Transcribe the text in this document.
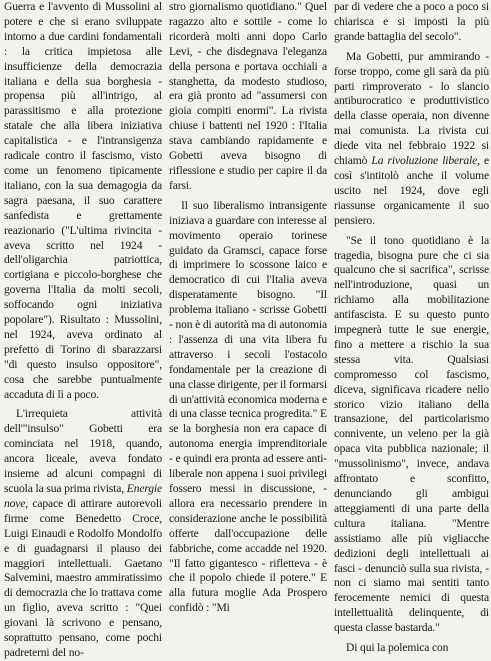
Guerra e l'avvento di Mussolini al potere e che si erano sviluppate intorno a due cardini fondamentali : la critica impietosa alle insufficienze della democrazia italiana e della sua borghesia - propensa più all'intrigo, al parassitismo e alla protezione statale che alla libera iniziativa capitalistica - e l'intransigenza radicale contro il fascismo, visto come un fenomeno tipicamente italiano, con la sua demagogia da sagra paesana, il suo carattere sanfedista e grettamente reazionario ("L'ultima rivincita - aveva scritto nel 1924 - dell'oligarchia patriottica, cortigiana e piccolo-borghese che governa l'Italia da molti secoli, soffocando ogni iniziativa popolare"). Risultato : Mussolini, nel 1924, aveva ordinato al prefetto di Torino di sbarazzarsi "di questo insulso oppositore", cosa che sarebbe puntualmente accaduta di lì a poco.

L'irrequieta attività dell'"insulso" Gobetti era cominciata nel 1918, quando, ancora liceale, aveva fondato insieme ad alcuni compagni di scuola la sua prima rivista, Energie nove, capace di attirare autorevoli firme come Benedetto Croce, Luigi Einaudi e Rodolfo Mondolfo e di guadagnarsi il plauso dei maggiori intellettuali. Gaetano Salvemini, maestro ammiratissimo di democrazia che lo trattava come un figlio, aveva scritto : "Quei giovani là scrivono e pensano, soprattutto pensano, come pochi padreterni del no-

stro giornalismo quotidiano." Quel ragazzo alto e sottile - come lo ricorderà molti anni dopo Carlo Levi, - che disdegnava l'eleganza della persona e portava occhiali a stanghetta, da modesto studioso, era già pronto ad "assumersi con gioia compiti enormi". La rivista chiuse i battenti nel 1920 : l'Italia stava cambiando rapidamente e Gobetti aveva bisogno di riflessione e studio per capire il da farsi.

Il suo liberalismo intransigente iniziava a guardare con interesse al movimento operaio torinese guidato da Gramsci, capace forse di imprimere lo scossone laico e democratico di cui l'Italia aveva disperatamente bisogno. "Il problema italiano - scrisse Gobetti - non è di autorità ma di autonomia : l'assenza di una vita libera fu attraverso i secoli l'ostacolo fondamentale per la creazione di una classe dirigente, per il formarsi di un'attività economica moderna e di una classe tecnica progredita." E se la borghesia non era capace di autonoma energia imprenditoriale - e quindi era pronta ad essere anti-liberale non appena i suoi privilegi fossero messi in discussione, - allora era necessario prendere in considerazione anche le possibilità offerte dall'occupazione delle fabbriche, come accadde nel 1920. "Il fatto gigantesco - rifletteva - è che il popolo chiede il potere." E alla futura moglie Ada Prospero confidò : "Mi

par di vedere che a poco a poco si chiarisca e si imposti la più grande battaglia del secolo".

Ma Gobetti, pur ammirando - forse troppo, come gli sarà da più parti rimproverato - lo slancio antiburocratico e produttivistico della classe operaia, non divenne mai comunista. La rivista cui diede vita nel febbraio 1922 si chiamò La rivoluzione liberale, e così s'intitolò anche il volume uscito nel 1924, dove egli riassunse organicamente il suo pensiero.

"Se il tono quotidiano è la tragedia, bisogna pure che ci sia qualcuno che si sacrifica", scrisse nell'introduzione, quasi un richiamo alla mobilitazione antifascista. E su questo punto impegnerà tutte le sue energie, fino a mettere a rischio la sua stessa vita. Qualsiasi compromesso col fascismo, diceva, significava ricadere nello storico vizio italiano della transazione, del particolarismo connivente, un veleno per la già opaca vita pubblica nazionale; il "mussolinismo", invece, andava affrontato e sconfitto, denunciando gli ambigui atteggiamenti di una parte della cultura italiana. "Mentre assistiamo alle più vigliacche dedizioni degli intellettuali ai fasci - denunciò sulla sua rivista, - non ci siamo mai sentiti tanto ferocemente nemici di questa intellettualità delinquente, di questa classe bastarda."

Di qui la polemica con
